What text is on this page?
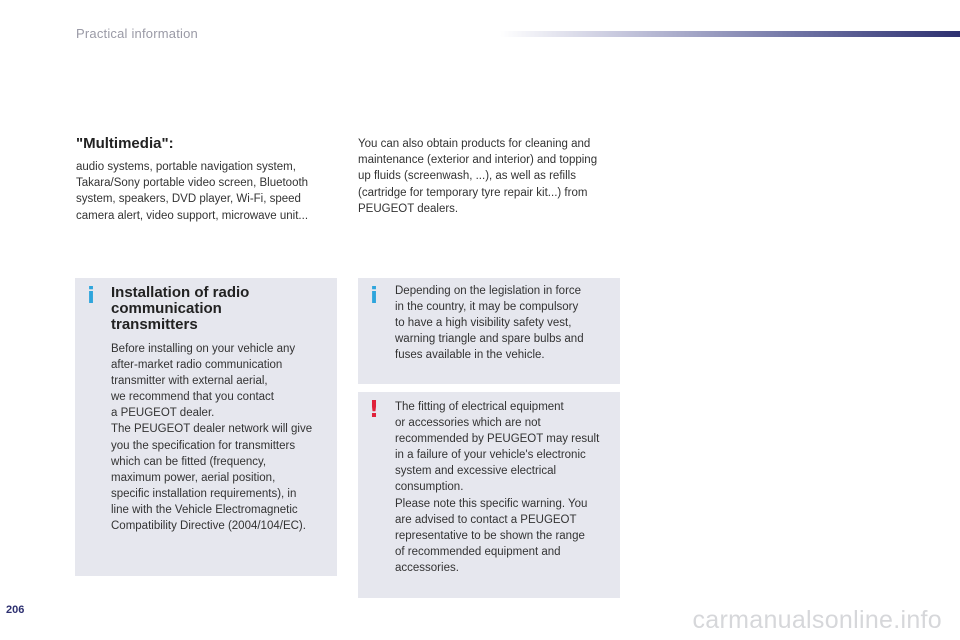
Practical information
"Multimedia":

audio systems, portable navigation system,
Takara/Sony portable video screen, Bluetooth
system, speakers, DVD player, Wi-Fi, speed
camera alert, video support, microwave unit...

You can also obtain products for cleaning and
maintenance (exterior and interior) and topping
up fluids (screenwash, ...), as well as refills
(cartridge for temporary tyre repair kit...) from
PEUGEOT dealers.

i Installation of radio
communication
transmitters

Before installing on your vehicle any
after-market radio communication
transmitter with external aerial,
we recommend that you contact
a PEUGEOT dealer.
The PEUGEOT dealer network will give
you the specification for transmitters
which can be fitted (frequency,
maximum power, aerial position,
specific installation requirements), in
line with the Vehicle Electromagnetic
Compatibility Directive (2004/104/EC).

i	Depending on the legislation in force
in the country, it may be compulsory
to have a high visibility safety vest,
warning triangle and spare bulbs and
fuses available in the vehicle.

! The fitting of electrical equipment
or accessories which are not
recommended by PEUGEOT may result
in a failure of your vehicle's electronic
system and excessive electrical
consumption.
Please note this specific warning. You
are advised to contact a PEUGEOT
representative to be shown the range
of recommended equipment and
accessories.

206	carmanualsonline.info
